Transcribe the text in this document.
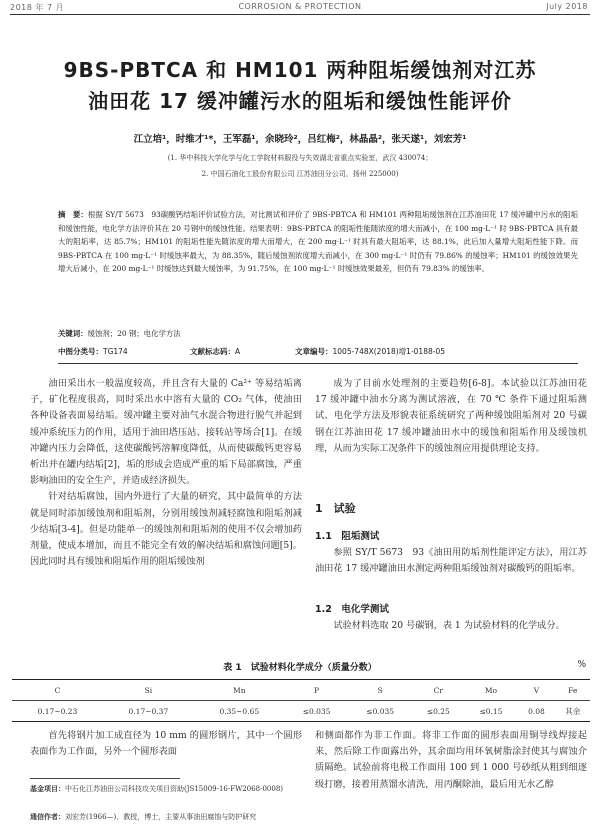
2018 年 7 月	CORROSION & PROTECTION	July 2018
9BS-PBTCA 和 HM101 两种阻垢缓蚀剂对江苏
油田花 17 缓冲罐污水的阻垢和缓蚀性能评价
江立培¹，时维才¹*，王军磊¹，余晓玲²，吕红梅²，林晶晶²，张天遂¹，刘宏芳¹
(1. 华中科技大学化学与化工学院材料服役与失效湖北省重点实验室，武汉 430074；
2. 中国石油化工股份有限公司 江苏油田分公司，扬州 225000)
摘　要：根据 SY/T 5673　93碳酸钙结垢评价试验方法，对比测试和评价了 9BS-PBTCA 和 HM101 两种阻垢缓蚀剂在江苏油田花 17 缓冲罐中污水的阻垢和缓蚀性能，电化学方法评价其在 20 号钢中的缓蚀性能。结果表明：9BS-PBTCA 的阻垢性能随浓度的增大而减小，在 100 mg·L⁻¹ 时 9BS-PBTCA 具有最大的阻垢率，达 85.7%；HM101 的阻垢性能先随浓度的增大而增大，在 200 mg·L⁻¹ 时具有最大阻垢率，达 88.1%，此后加入量增大阻垢性能下降。而 9BS-PBTCA 在 100 mg·L⁻¹ 时缓蚀率最大，为 88.35%，随后缓蚀剂浓度增大而减小，在 300 mg·L⁻¹ 时仍有 79.86% 的缓蚀率；HM101 的缓蚀效果先增大后减小，在 200 mg·L⁻¹ 时缓蚀达到最大缓蚀率，为 91.75%，在 100 mg·L⁻¹ 时缓蚀效果最差，但仍有 79.83% 的缓蚀率。
关键词：缓蚀剂；20 钢；电化学方法
中图分类号：TG174	文献标志码：A	文章编号：1005-748X(2018)增1-0188-05

油田采出水一般温度较高，并且含有大量的 Ca²⁺ 等易结垢离子，矿化程度很高，同时采出水中溶有大量的 CO₂ 气体，使油田各种设备表面易结垢。缓冲罐主要对油气水混合物进行脱气并起到缓冲系统压力的作用，适用于油田塔压站、接转站等场合[1]。在缓冲罐内压力会降低，这使碳酸钙溶解度降低，从而使碳酸钙更容易析出并在罐内结垢[2]，垢的形成会造成严重的垢下局部腐蚀，严重影响油田的安全生产，并造成经济损失。

针对结垢腐蚀，国内外进行了大量的研究，其中最简单的方法就是同时添加缓蚀剂和阻垢剂，分别用缓蚀剂减轻腐蚀和阻垢剂减少结垢[3-4]。但是功能单一的缓蚀剂和阻垢剂的使用不仅会增加药剂量，使成本增加，而且不能完全有效的解决结垢和腐蚀问题[5]。因此同时具有缓蚀和阻垢作用的阻垢缓蚀剂

成为了目前水处理剂的主要趋势[6-8]。本试验以江苏油田花 17 缓冲罐中油水分离为测试溶液，在 70 ℃ 条件下通过阻垢测试、电化学方法及形貌表征系统研究了两种缓蚀阻垢剂对 20 号碳钢在江苏油田花 17 缓冲罐油田水中的缓蚀和阻垢作用及缓蚀机理，从而为实际工况条件下的缓蚀剂应用提供理论支持。

1　试验
1.1　阻垢测试

参照 SY/T 5673　93《油田用防垢剂性能评定方法》，用江苏油田花 17 缓冲罐油田水测定两种阻垢缓蚀剂对碳酸钙的阻垢率。

1.2　电化学测试

试验材料选取 20 号碳钢，表 1 为试验材料的化学成分。

表 1　试验材料化学成分（质量分数）	%
C	Si	Mn	P	S	Cr	Mo	V	Fe
0.17~0.23	0.17~0.37	0.35~0.65	≤0.035	≤0.035	≤0.25	≤0.15	0.08	其余

首先将钢片加工成直径为 10 mm 的圆形钢片，其中一个圆形表面作为工作面，另外一个圆形表面

和侧面都作为非工作面。将非工作面的圆形表面用铜导线焊接起来，然后除工作面露出外，其余面均用环氧树脂涂封使其与腐蚀介质隔绝。试验前将电极工作面用 100 到 1 000 号砂纸从粗到细逐级打磨，接着用蒸馏水清洗，用丙酮除油，最后用无水乙醇
基金项目：中石化江苏油田公司科技攻关项目资助(JS15009-16-FW2068-0008)
通信作者：刘宏芳(1966—)，教授，博士，主要从事油田腐蚀与防护研究
